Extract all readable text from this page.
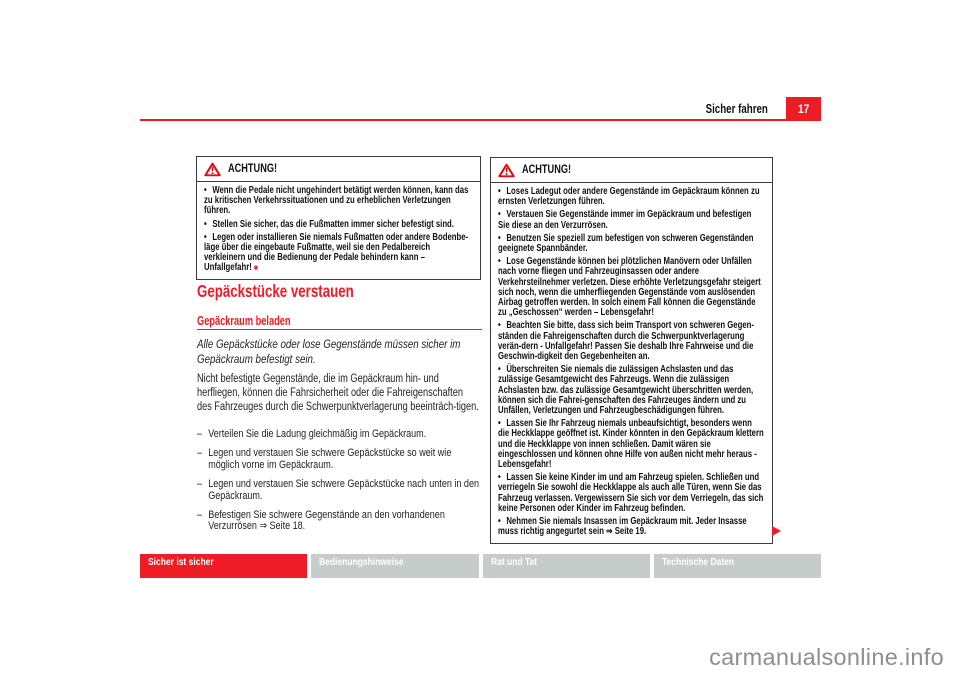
Sicher fahren 17
ACHTUNG!

• Wenn die Pedale nicht ungehindert betätigt werden können, kann das zu kritischen Verkehrssituationen und zu erheblichen Verletzungen führen.

• Stellen Sie sicher, das die Fußmatten immer sicher befestigt sind.

• Legen oder installieren Sie niemals Fußmatten oder andere Bodenbe-läge über die eingebaute Fußmatte, weil sie den Pedalbereich verkleinern und die Bedienung der Pedale behindern kann – Unfallgefahr! ■

Gepäckstücke verstauen
Gepäckraum beladen

Alle Gepäckstücke oder lose Gegenstände müssen sicher im Gepäckraum befestigt sein.

Nicht befestigte Gegenstände, die im Gepäckraum hin- und herfliegen, können die Fahrsicherheit oder die Fahreigenschaften des Fahrzeuges durch die Schwerpunktverlagerung beeinträch-tigen.

– Verteilen Sie die Ladung gleichmäßig im Gepäckraum.

– Legen und verstauen Sie schwere Gepäckstücke so weit wie möglich vorne im Gepäckraum.

– Legen und verstauen Sie schwere Gepäckstücke nach unten in den Gepäckraum.

– Befestigen Sie schwere Gegenstände an den vorhandenen Verzurrösen ⇒ Seite 18.

ACHTUNG!

• Loses Ladegut oder andere Gegenstände im Gepäckraum können zu ernsten Verletzungen führen.

• Verstauen Sie Gegenstände immer im Gepäckraum und befestigen Sie diese an den Verzurrösen.

• Benutzen Sie speziell zum befestigen von schweren Gegenständen geeignete Spannbänder.

• Lose Gegenstände können bei plötzlichen Manövern oder Unfällen nach vorne fliegen und Fahrzeuginsassen oder andere Verkehrsteilnehmer verletzen. Diese erhöhte Verletzungsgefahr steigert sich noch, wenn die umherfliegenden Gegenstände vom auslösenden Airbag getroffen werden. In solch einem Fall können die Gegenstände zu „Geschossen“ werden – Lebensgefahr!

• Beachten Sie bitte, dass sich beim Transport von schweren Gegen-ständen die Fahreigenschaften durch die Schwerpunktverlagerung verän-dern - Unfallgefahr! Passen Sie deshalb Ihre Fahrweise und die Geschwin-digkeit den Gegebenheiten an.

• Überschreiten Sie niemals die zulässigen Achslasten und das zulässige Gesamtgewicht des Fahrzeugs. Wenn die zulässigen Achslasten bzw. das zulässige Gesamtgewicht überschritten werden, können sich die Fahrei-genschaften des Fahrzeuges ändern und zu Unfällen, Verletzungen und Fahrzeugbeschädigungen führen.

• Lassen Sie Ihr Fahrzeug niemals unbeaufsichtigt, besonders wenn die Heckklappe geöffnet ist. Kinder könnten in den Gepäckraum klettern und die Heckklappe von innen schließen. Damit wären sie eingeschlossen und können ohne Hilfe von außen nicht mehr heraus - Lebensgefahr!

• Lassen Sie keine Kinder im und am Fahrzeug spielen. Schließen und verriegeln Sie sowohl die Heckklappe als auch alle Türen, wenn Sie das Fahrzeug verlassen. Vergewissern Sie sich vor dem Verriegeln, das sich keine Personen oder Kinder im Fahrzeug befinden.

• Nehmen Sie niemals Insassen im Gepäckraum mit. Jeder Insasse muss richtig angegurtet sein ⇒ Seite 19.

Sicher ist sicher	Bedienungshinweise	Rat und Tat	Technische Daten
carmanualsonline.info
